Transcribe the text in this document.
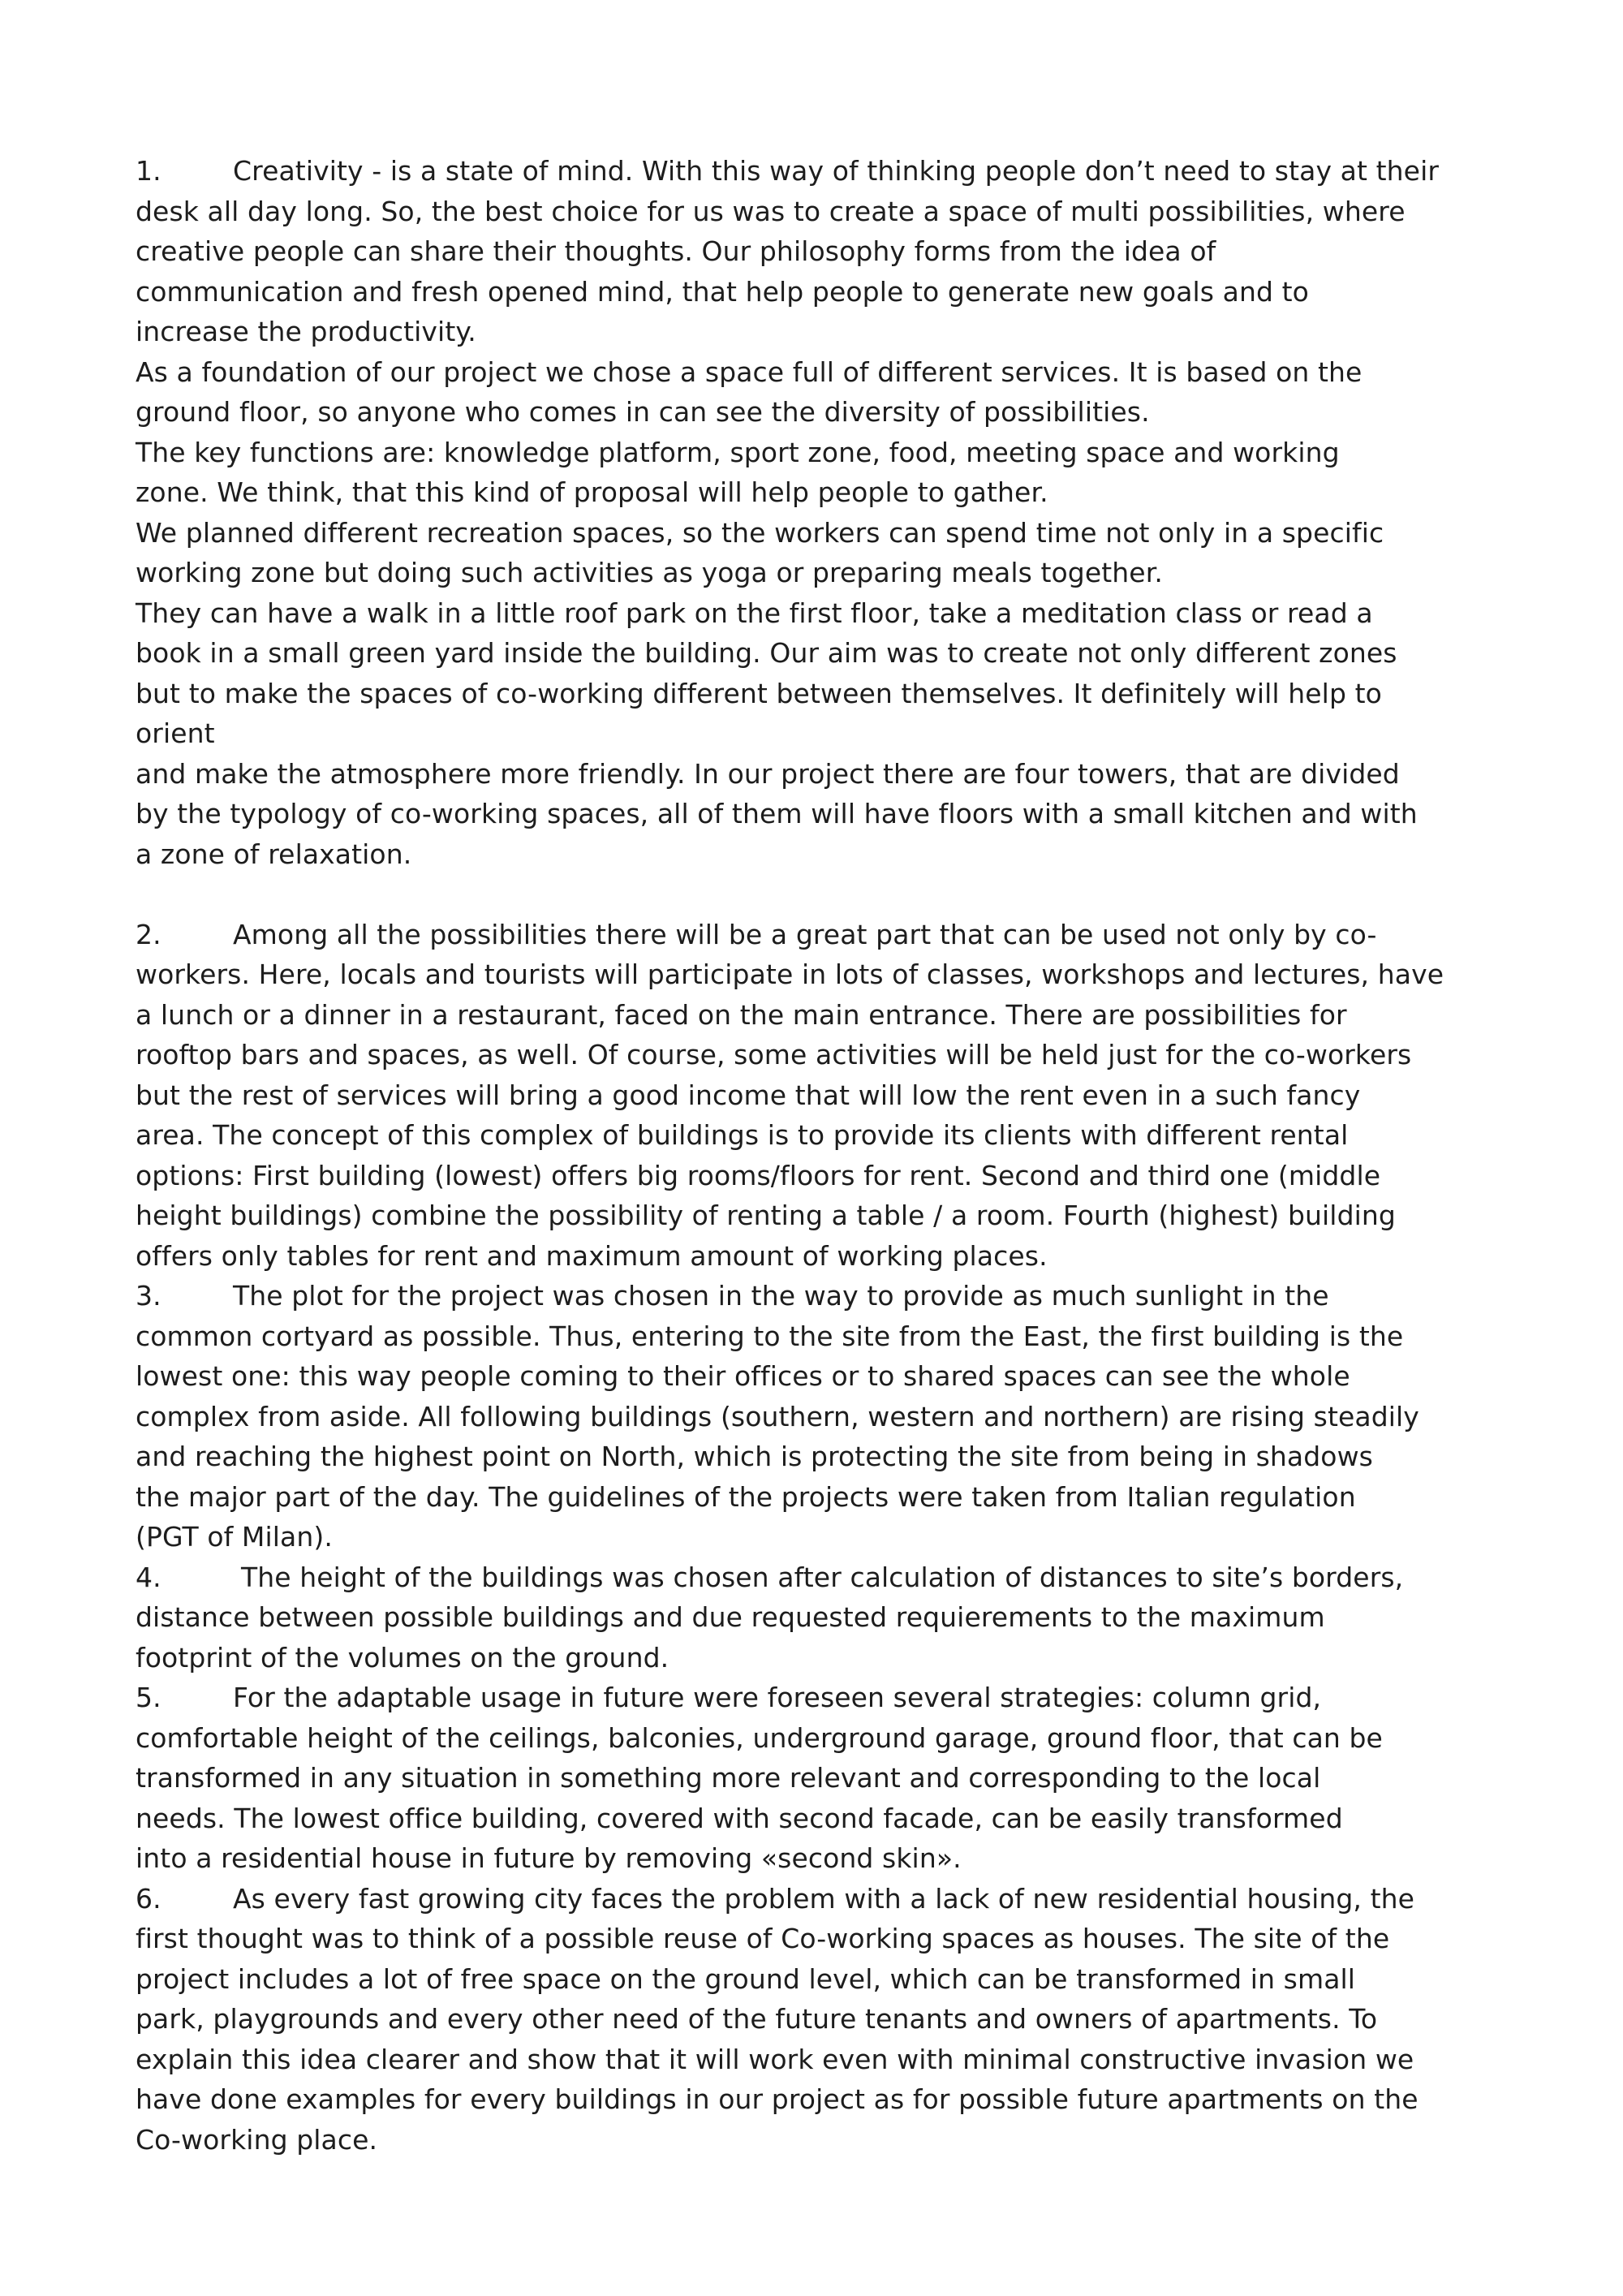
1.	Creativity - is a state of mind. With this way of thinking people don’t need to stay at their
desk all day long. So, the best choice for us was to create a space of multi possibilities, where
creative people can share their thoughts. Our philosophy forms from the idea of
communication and fresh opened mind, that help people to generate new goals and to
increase the productivity.
As a foundation of our project we chose a space full of different services. It is based on the
ground floor, so anyone who comes in can see the diversity of possibilities.
The key functions are: knowledge platform, sport zone, food, meeting space and working
zone. We think, that this kind of proposal will help people to gather.
We planned different recreation spaces, so the workers can spend time not only in a specific
working zone but doing such activities as yoga or preparing meals together.
They can have a walk in a little roof park on the first floor, take a meditation class or read a
book in a small green yard inside the building. Our aim was to create not only different zones
but to make the spaces of co-working different between themselves. It definitely will help to
orient
and make the atmosphere more friendly. In our project there are four towers, that are divided
by the typology of co-working spaces, all of them will have floors with a small kitchen and with
a zone of relaxation.
2.	Among all the possibilities there will be a great part that can be used not only by co-
workers. Here, locals and tourists will participate in lots of classes, workshops and lectures, have
a lunch or a dinner in a restaurant, faced on the main entrance. There are possibilities for
rooftop bars and spaces, as well. Of course, some activities will be held just for the co-workers
but the rest of services will bring a good income that will low the rent even in a such fancy
area. The concept of this complex of buildings is to provide its clients with different rental
options: First building (lowest) offers big rooms/floors for rent. Second and third one (middle
height buildings) combine the possibility of renting a table / a room. Fourth (highest) building
offers only tables for rent and maximum amount of working places.
3.	The plot for the project was chosen in the way to provide as much sunlight in the
common cortyard as possible. Thus, entering to the site from the East, the first building is the
lowest one: this way people coming to their offices or to shared spaces can see the whole
complex from aside. All following buildings (southern, western and northern) are rising steadily
and reaching the highest point on North, which is protecting the site from being in shadows
the major part of the day. The guidelines of the projects were taken from Italian regulation
(PGT of Milan).
4.	The height of the buildings was chosen after calculation of distances to site’s borders,
distance between possible buildings and due requested requierements to the maximum
footprint of the volumes on the ground.
5.	For the adaptable usage in future were foreseen several strategies: column grid,
comfortable height of the ceilings, balconies, underground garage, ground floor, that can be
transformed in any situation in something more relevant and corresponding to the local
needs. The lowest office building, covered with second facade, can be easily transformed
into a residential house in future by removing «second skin».
6.	As every fast growing city faces the problem with a lack of new residential housing, the
first thought was to think of a possible reuse of Co-working spaces as houses. The site of the
project includes a lot of free space on the ground level, which can be transformed in small
park, playgrounds and every other need of the future tenants and owners of apartments. To
explain this idea clearer and show that it will work even with minimal constructive invasion we
have done examples for every buildings in our project as for possible future apartments on the
Co-working place.
